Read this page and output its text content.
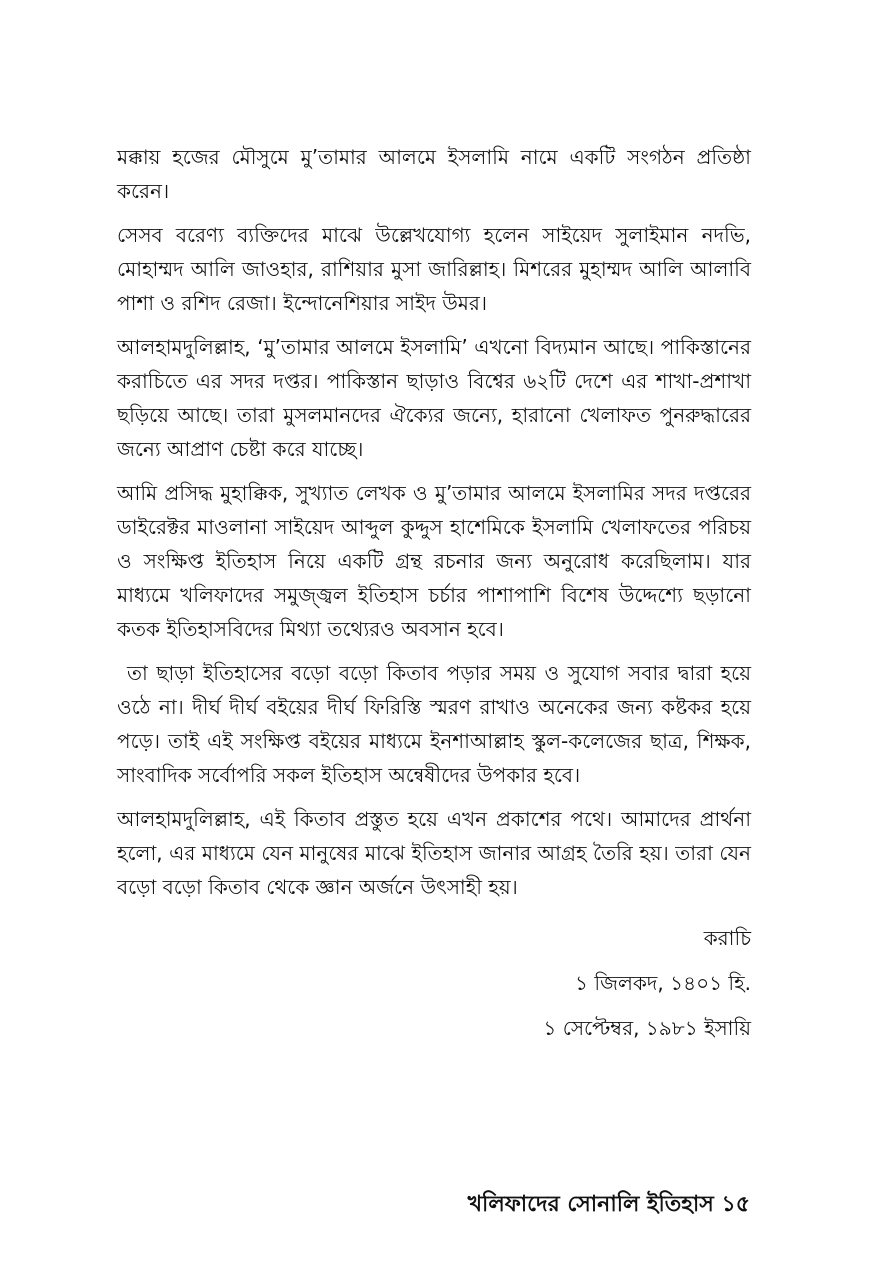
মক্কায় হজের মৌসুমে মু’তামার আলমে ইসলামি নামে একটি সংগঠন প্রতিষ্ঠা করেন।

সেসব বরেণ্য ব্যক্তিদের মাঝে উল্লেখযোগ্য হলেন সাইয়েদ সুলাইমান নদভি, মোহাম্মদ আলি জাওহার, রাশিয়ার মুসা জারিল্লাহ। মিশরের মুহাম্মদ আলি আলাবি পাশা ও রশিদ রেজা। ইন্দোনেশিয়ার সাইদ উমর।

আলহামদুলিল্লাহ, ‘মু’তামার আলমে ইসলামি’ এখনো বিদ্যমান আছে। পাকিস্তানের করাচিতে এর সদর দপ্তর। পাকিস্তান ছাড়াও বিশ্বের ৬২টি দেশে এর শাখা-প্রশাখা ছড়িয়ে আছে। তারা মুসলমানদের ঐক্যের জন্যে, হারানো খেলাফত পুনরুদ্ধারের জন্যে আপ্রাণ চেষ্টা করে যাচ্ছে।

আমি প্রসিদ্ধ মুহাক্কিক, সুখ্যাত লেখক ও মু’তামার আলমে ইসলামির সদর দপ্তরের ডাইরেক্টর মাওলানা সাইয়েদ আব্দুল কুদ্দুস হাশেমিকে ইসলামি খেলাফতের পরিচয় ও সংক্ষিপ্ত ইতিহাস নিয়ে একটি গ্রন্থ রচনার জন্য অনুরোধ করেছিলাম। যার মাধ্যমে খলিফাদের সমুজ্জ্বল ইতিহাস চর্চার পাশাপাশি বিশেষ উদ্দেশ্যে ছড়ানো কতক ইতিহাসবিদের মিথ্যা তথ্যেরও অবসান হবে।

তা ছাড়া ইতিহাসের বড়ো বড়ো কিতাব পড়ার সময় ও সুযোগ সবার দ্বারা হয়ে ওঠে না। দীর্ঘ দীর্ঘ বইয়ের দীর্ঘ ফিরিস্তি স্মরণ রাখাও অনেকের জন্য কষ্টকর হয়ে পড়ে। তাই এই সংক্ষিপ্ত বইয়ের মাধ্যমে ইনশাআল্লাহ স্কুল-কলেজের ছাত্র, শিক্ষক, সাংবাদিক সর্বোপরি সকল ইতিহাস অন্বেষীদের উপকার হবে।

আলহামদুলিল্লাহ, এই কিতাব প্রস্তুত হয়ে এখন প্রকাশের পথে। আমাদের প্রার্থনা হলো, এর মাধ্যমে যেন মানুষের মাঝে ইতিহাস জানার আগ্রহ তৈরি হয়। তারা যেন বড়ো বড়ো কিতাব থেকে জ্ঞান অর্জনে উৎসাহী হয়।

করাচি
১ জিলকদ, ১৪০১ হি.
১ সেপ্টেম্বর, ১৯৮১ ইসায়ি
খলিফাদের সোনালি ইতিহাস ১৫
